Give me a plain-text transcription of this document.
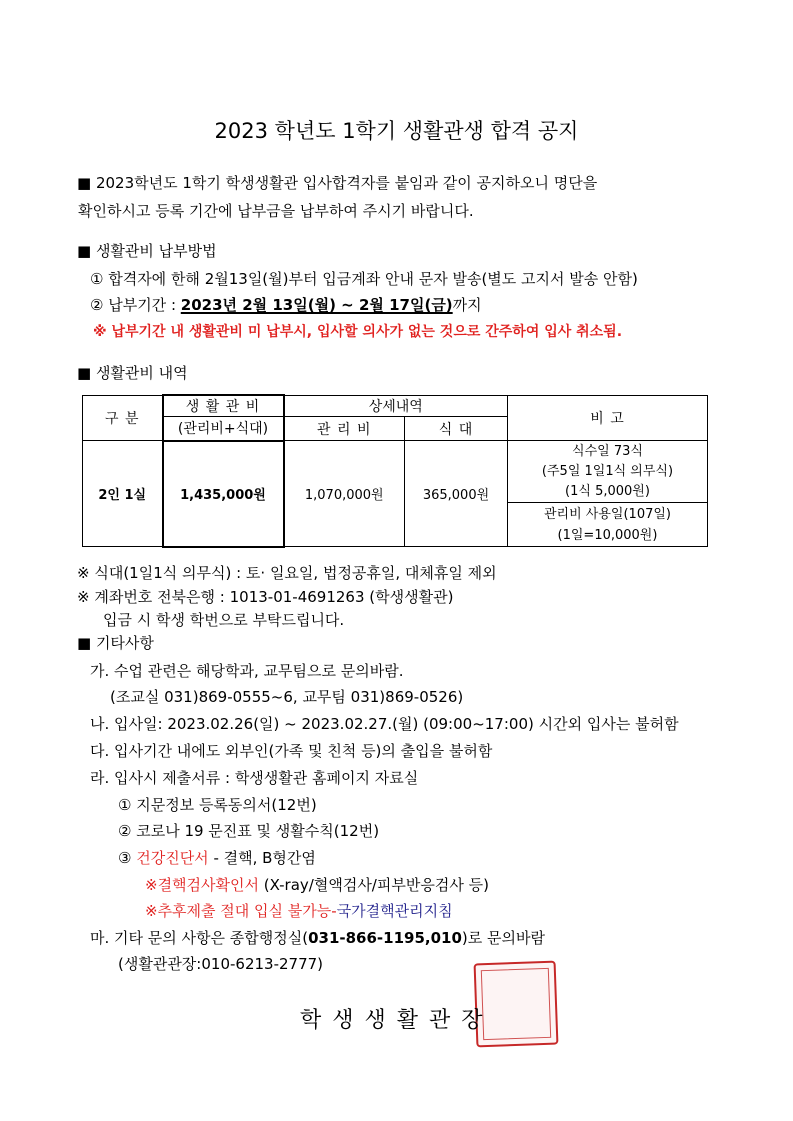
2023 학년도 1학기 생활관생 합격 공지
■ 2023학년도 1학기 학생생활관 입사합격자를 붙임과 같이 공지하오니 명단을
확인하시고 등록 기간에 납부금을 납부하여 주시기 바랍니다.
■ 생활관비 납부방법
① 합격자에 한해 2월13일(월)부터 입금계좌 안내 문자 발송(별도 고지서 발송 안함)
② 납부기간 : 2023년 2월 13일(월) ~ 2월 17일(금)까지
※ 납부기간 내 생활관비 미 납부시, 입사할 의사가 없는 것으로 간주하여 입사 취소됨.
■ 생활관비 내역
구 분	생 활 관 비	상세내역		비 고
	(관리비+식대)	관 리 비	식 대	
2인 1실	1,435,000원	1,070,000원	365,000원	식수일 73식
(주5일 1일1식 의무식)
(1식 5,000원)

				관리비 사용일(107일)
(1일=10,000원)
※ 식대(1일1식 의무식) : 토· 일요일, 법정공휴일, 대체휴일 제외
※ 계좌번호 전북은행 : 1013-01-4691263 (학생생활관)
입금 시 학생 학번으로 부탁드립니다.
■ 기타사항
가. 수업 관련은 해당학과, 교무팀으로 문의바람.
(조교실 031)869-0555~6, 교무팀 031)869-0526)
나. 입사일: 2023.02.26(일) ~ 2023.02.27.(월) (09:00~17:00) 시간외 입사는 불허함
다. 입사기간 내에도 외부인(가족 및 친척 등)의 출입을 불허함
라. 입사시 제출서류 : 학생생활관 홈페이지 자료실
① 지문정보 등록동의서(12번)
② 코로나 19 문진표 및 생활수칙(12번)
③ 건강진단서 - 결핵, B형간염
※결핵검사확인서 (X-ray/혈액검사/피부반응검사 등)
※추후제출 절대 입실 불가능-국가결핵관리지침
마. 기타 문의 사항은 종합행정실(031-866-1195,010)로 문의바람
(생활관관장:010-6213-2777)
학 생 생 활 관 장
